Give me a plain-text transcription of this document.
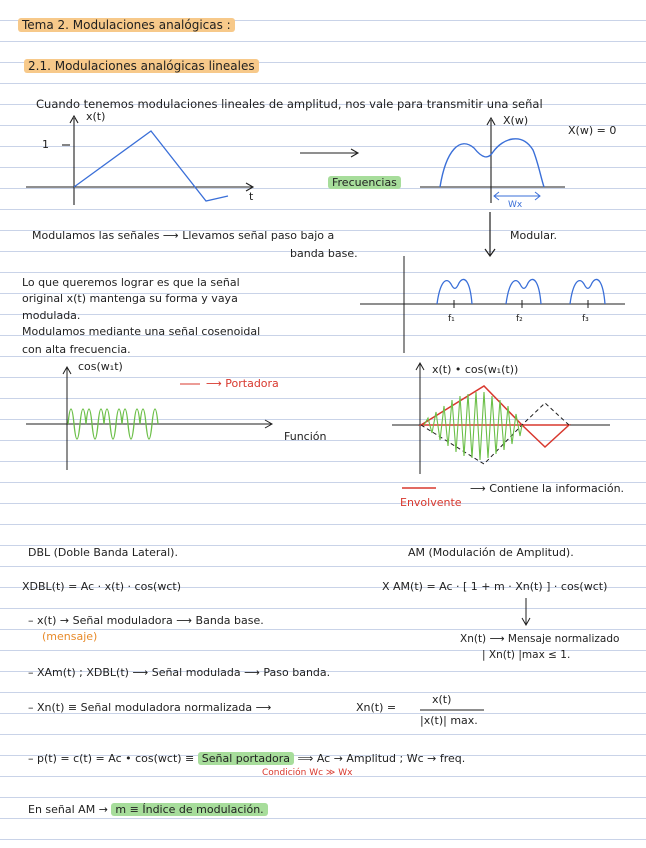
Tema 2. Modulaciones analógicas :
2.1. Modulaciones analógicas lineales
Cuando tenemos modulaciones lineales de amplitud, nos vale para transmitir una señal
x(t)
1
t
Frecuencias
X(w)
X(w) = 0
Wx
Modulamos las señales ⟶ Llevamos señal paso bajo a
banda base.
Modular.
Lo que queremos lograr es que la señal
original x(t) mantenga su forma y vaya
modulada.
Modulamos mediante una señal cosenoidal
con alta frecuencia.
f₁	f₂	f₃
cos(w₁t)
⟶ Portadora
Función
x(t) • cos(w₁(t))
⟶ Contiene la información.
Envolvente
DBL (Doble Banda Lateral).	AM (Modulación de Amplitud).
XDBL(t) = Ac · x(t) · cos(wct)	X AM(t) = Ac · [ 1 + m · Xn(t) ] · cos(wct)
– x(t) → Señal moduladora ⟶ Banda base.
(mensaje)	Xn(t) ⟶ Mensaje normalizado
| Xn(t) |max ≤ 1.
– XAm(t) ; XDBL(t) ⟶ Señal modulada ⟶ Paso banda.
– Xn(t) ≡ Señal moduladora normalizada ⟶	Xn(t) =
x(t)
|x(t)| max.
– p(t) = c(t) = Ac • cos(wct) ≡ Señal portadora ⟹ Ac → Amplitud ; Wc → freq.
Condición Wc ≫ Wx
En señal AM → m ≡ Índice de modulación.
